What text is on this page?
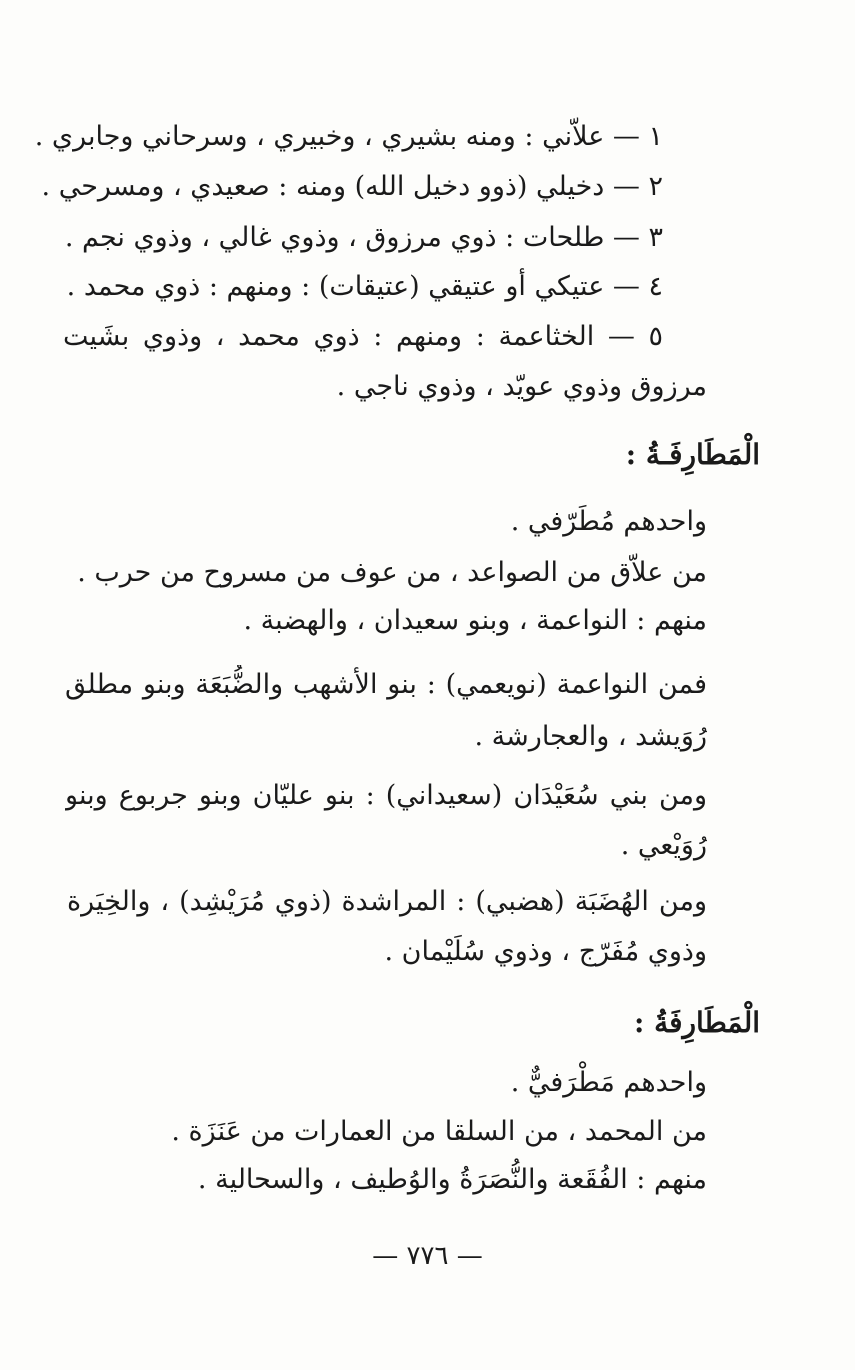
١ — علاّني : ومنه بشيري ، وخبيري ، وسرحاني وجابري .
٢ — دخيلي (ذوو دخيل الله) ومنه : صعيدي ، ومسرحي .
٣ — طلحات : ذوي مرزوق ، وذوي غالي ، وذوي نجم .
٤ — عتيكي أو عتيقي (عتيقات) : ومنهم : ذوي محمد .
٥ — الخثاعمة : ومنهم : ذوي محمد ، وذوي بشَيت
مرزوق وذوي عويّد ، وذوي ناجي .
الْمَطَارِفَـةُ :
واحدهم مُطَرّفي .
من علاّق من الصواعد ، من عوف من مسروح من حرب .
منهم : النواعمة ، وبنو سعيدان ، والهضبة .
فمن النواعمة (نويعمي) : بنو الأشهب والضُّبَعَة وبنو مطلق
رُوَيشد ، والعجارشة .
ومن بني سُعَيْدَان (سعيداني) : بنو عليّان وبنو جربوع وبنو
رُوَيْعي .
ومن الهُضَبَة (هضبي) : المراشدة (ذوي مُرَيْشِد) ، والخِيَرة
وذوي مُفَرّج ، وذوي سُلَيْمان .
الْمَطَارِفَةُ :
واحدهم مَطْرَفيٌّ .
من المحمد ، من السلقا من العمارات من عَنَزَة .
منهم : الفُقَعة والنُّصَرَةُ والوُطيف ، والسحالية .
— ٧٧٦ —
